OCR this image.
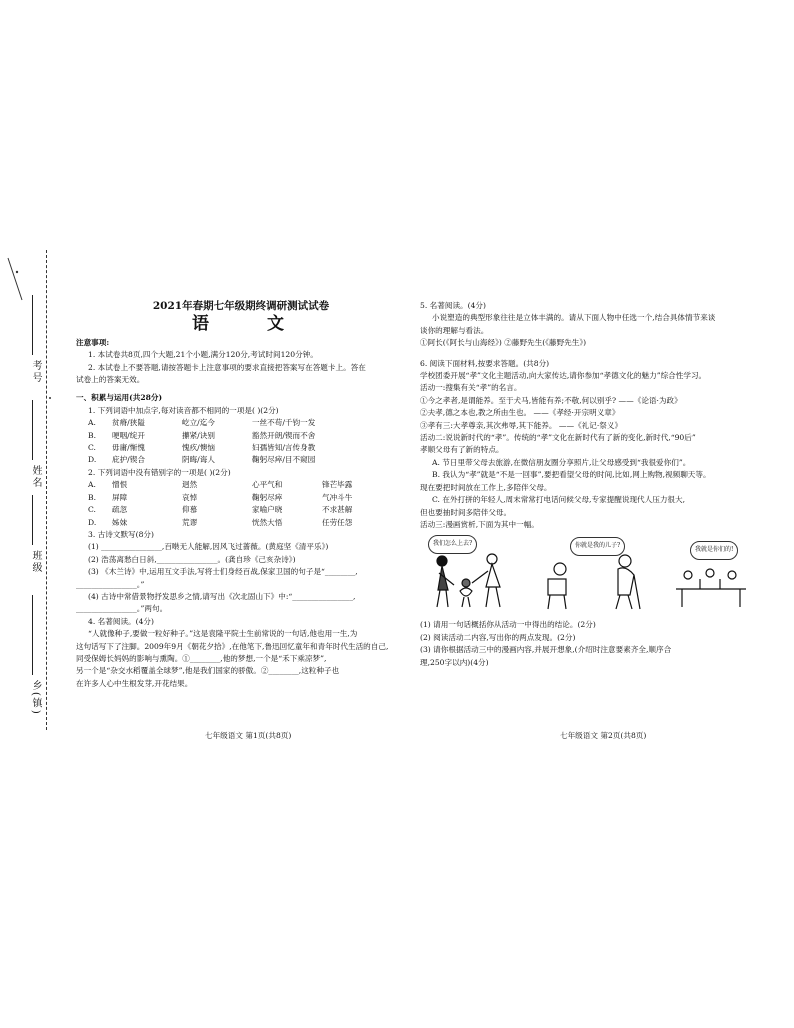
考号
姓名
班级
乡(镇)
2021年春期七年级期终调研测试试卷
语 文
注意事项:
1. 本试卷共8页,四个大题,21个小题,满分120分,考试时间120分钟。
2. 本试卷上不要答题,请按答题卡上注意事项的要求直接把答案写在答题卡上。答在
试卷上的答案无效。
一、积累与运用(共28分)
1. 下列词语中加点字,每对读音都不相同的一项是( )(2分)
A.	贫瘠/狭隘	屹立/迄今	一丝不苟/千钧一发
B.	哽咽/绽开	攥紧/诀别	豁然开朗/锲而不舍
C.	毋庸/惭愧	愧疚/懊恼	妇孺皆知/言传身教
D.	庇护/锲合	阴晦/诲人	鞠躬尽瘁/目不窥园
2. 下列词语中没有错别字的一项是( )(2分)
A.	憎恨	迥然	心平气和	锋芒毕露
B.	屏障	哀悼	鞠躬尽瘁	气冲斗牛
C.	疏忽	仰慕	家喻户晓	不求甚解
D.	姊妹	荒谬	恍然大悟	任劳任怨
3. 古诗文默写(8分)
(1) ________________,百啭无人能解,因风飞过蔷薇。(黄庭坚《清平乐》)
(2) 浩荡离愁白日斜,________________。(龚自珍《己亥杂诗》)
(3) 《木兰诗》中,运用互文手法,写将士们身经百战,保家卫国的句子是“________,
________________。”
(4) 古诗中常借景物抒发思乡之情,请写出《次北固山下》中:“________________,
________________。”两句。
4. 名著阅读。(4分)
“人就像种子,要做一粒好种子。”这是袁隆平院士生前常说的一句话,他也用一生,为
这句话写下了注脚。2009年9月《朝花夕拾》,在他笔下,鲁迅回忆童年和青年时代生活的自己,
同受保姆长妈妈的影响与熏陶。①________,他的梦想,一个是“禾下乘凉梦”,
另一个是“杂交水稻覆盖全球梦”,他是我们国家的骄傲。②________,这粒种子也
在许多人心中生根发芽,开花结果。
5. 名著阅读。(4分)
小说塑造的典型形象往往是立体丰满的。请从下面人物中任选一个,结合具体情节来谈
谈你的理解与看法。
①阿长(《阿长与山海经》) ②藤野先生(《藤野先生》)
6. 阅读下面材料,按要求答题。(共8分)
学校团委开展“孝”文化主题活动,向大家传达,请你参加“孝德文化的魅力”综合性学习。
活动一:搜集有关“孝”的名言。
①今之孝者,是谓能养。至于犬马,皆能有养;不敬,何以别乎? ——《论语·为政》
②夫孝,德之本也,教之所由生也。 ——《孝经·开宗明义章》
③孝有三:大孝尊亲,其次弗辱,其下能养。 ——《礼记·祭义》
活动二:说说新时代的“孝”。传统的“孝”文化在新时代有了新的变化,新时代,“90后”
孝顺父母有了新的特点。
A. 节日里带父母去旅游,在微信朋友圈分享照片,让父母感受到“我很爱你们”。
B. 我认为“孝”就是“不是一回事”,要把看望父母的时间,比如,网上购物,视频聊天等。
现在要把时间放在工作上,多陪伴父母。
C. 在外打拼的年轻人,周末常常打电话问候父母,专家提醒说现代人压力很大,
但也要抽时间多陪伴父母。
活动三:漫画赏析,下面为其中一幅。
我们怎么上去?	你就是我的儿子?
我就是你们的!
(1) 请用一句话概括你从活动一中得出的结论。(2分)
(2) 阅读活动二内容,写出你的两点发现。(2分)
(3) 请你根据活动三中的漫画内容,并展开想象,(介绍时注意要素齐全,顺序合
理,250字以内)(4分)
七年级语文 第1页(共8页)	七年级语文 第2页(共8页)
